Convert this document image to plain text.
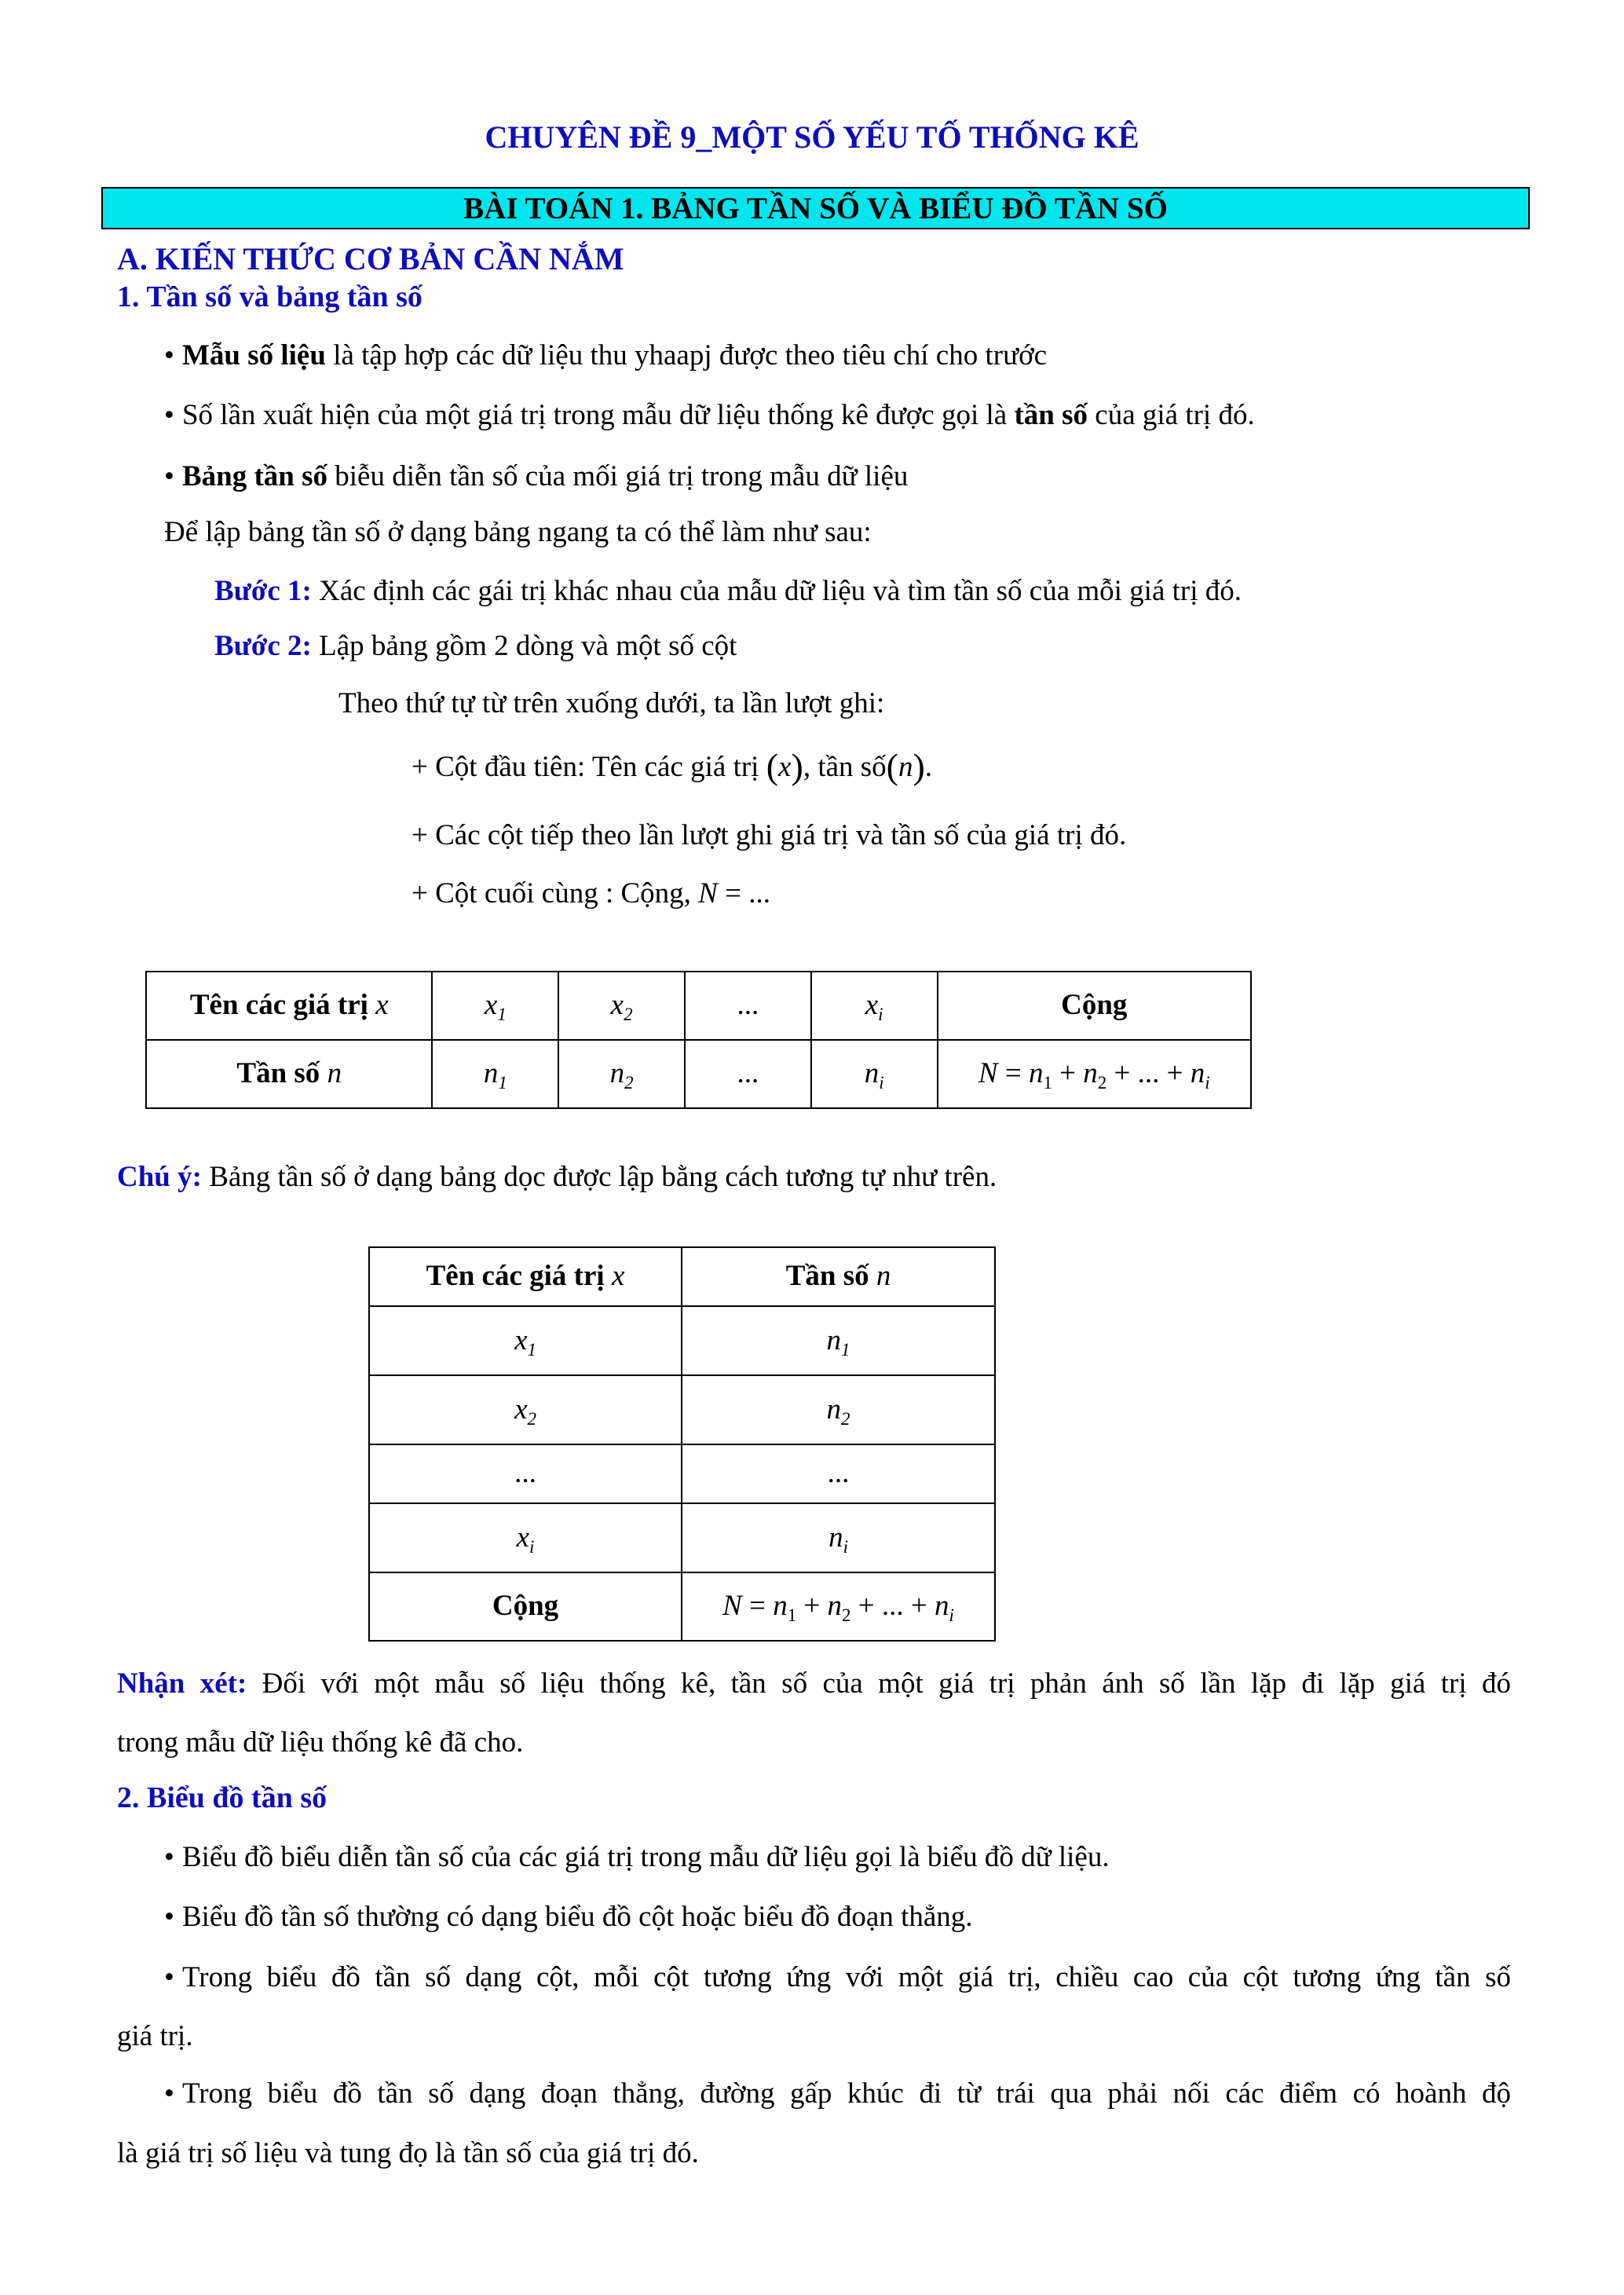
CHUYÊN ĐỀ 9_MỘT SỐ YẾU TỐ THỐNG KÊ
BÀI TOÁN 1. BẢNG TẦN SỐ VÀ BIỂU ĐỒ TẦN SỐ
A. KIẾN THỨC CƠ BẢN CẦN NẮM
1. Tần số và bảng tần số
• Mẫu số liệu là tập hợp các dữ liệu thu yhaapj được theo tiêu chí cho trước
• Số lần xuất hiện của một giá trị trong mẫu dữ liệu thống kê được gọi là tần số của giá trị đó.
• Bảng tần số biễu diễn tần số của mối giá trị trong mẫu dữ liệu
Để lập bảng tần số ở dạng bảng ngang ta có thể làm như sau:
Bước 1: Xác định các gái trị khác nhau của mẫu dữ liệu và tìm tần số của mỗi giá trị đó.
Bước 2: Lập bảng gồm 2 dòng và một số cột
Theo thứ tự từ trên xuống dưới, ta lần lượt ghi:
+ Cột đầu tiên: Tên các giá trị (x), tần số(n).
+ Các cột tiếp theo lần lượt ghi giá trị và tần số của giá trị đó.
+ Cột cuối cùng : Cộng, N = ...
Tên các giá trị x	$x_1$	$x_2$	...	$x_i$	Cộng
Tần số n	$n_1$	$n_2$	...	$n_i$	$N = n_1 + n_2$ + ... + $n_i$
Chú ý: Bảng tần số ở dạng bảng dọc được lập bằng cách tương tự như trên.
Tên các giá trị x	Tần số n
$x_1$	$n_1$
$x_2$	$n_2$
...	...
$x_i$	$n_i$
Cộng	$N = n_1 + n_2$ + ... + $n_i$
Nhận xét: Đối với một mẫu số liệu thống kê, tần số của một giá trị phản ánh số lần lặp đi lặp giá trị đó
trong mẫu dữ liệu thống kê đã cho.
2. Biểu đồ tần số
• Biểu đồ biểu diễn tần số của các giá trị trong mẫu dữ liệu gọi là biểu đồ dữ liệu.
• Biểu đồ tần số thường có dạng biểu đồ cột hoặc biểu đồ đoạn thẳng.
• Trong biểu đồ tần số dạng cột, mỗi cột tương ứng với một giá trị, chiều cao của cột tương ứng tần số
giá trị.
• Trong biểu đồ tần số dạng đoạn thẳng, đường gấp khúc đi từ trái qua phải nối các điểm có hoành độ
là giá trị số liệu và tung đọ là tần số của giá trị đó.
